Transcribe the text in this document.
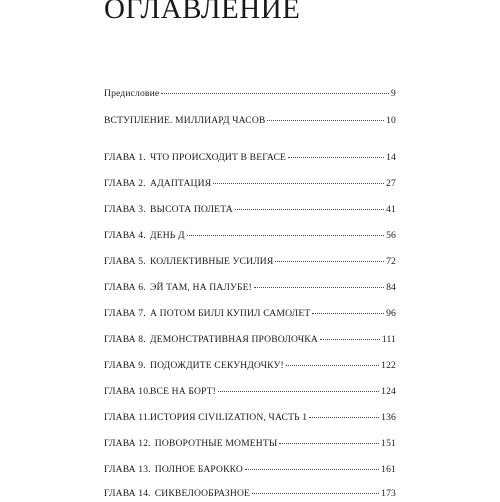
ОГЛАВЛЕНИЕ
Предисловие	9
ВСТУПЛЕНИЕ. МИЛЛИАРД ЧАСОВ	10
ГЛАВА 1. ЧТО ПРОИСХОДИТ В ВЕГАСЕ	14
ГЛАВА 2. АДАПТАЦИЯ	27
ГЛАВА 3. ВЫСОТА ПОЛЕТА	41
ГЛАВА 4. ДЕНЬ Д	56
ГЛАВА 5. КОЛЛЕКТИВНЫЕ УСИЛИЯ	72
ГЛАВА 6. ЭЙ ТАМ, НА ПАЛУБЕ!	84
ГЛАВА 7. А ПОТОМ БИЛЛ КУПИЛ САМОЛЕТ	96
ГЛАВА 8. ДЕМОНСТРАТИВНАЯ ПРОВОЛОЧКА	111
ГЛАВА 9. ПОДОЖДИТЕ СЕКУНДОЧКУ!	122
ГЛАВА 10. ВСЕ НА БОРТ!	124
ГЛАВА 11. ИСТОРИЯ CIVILIZATION, ЧАСТЬ 1	136
ГЛАВА 12. ПОВОРОТНЫЕ МОМЕНТЫ	151
ГЛАВА 13. ПОЛНОЕ БАРОККО	161
ГЛАВА 14. СИКВЕЛООБРАЗНОЕ	173
